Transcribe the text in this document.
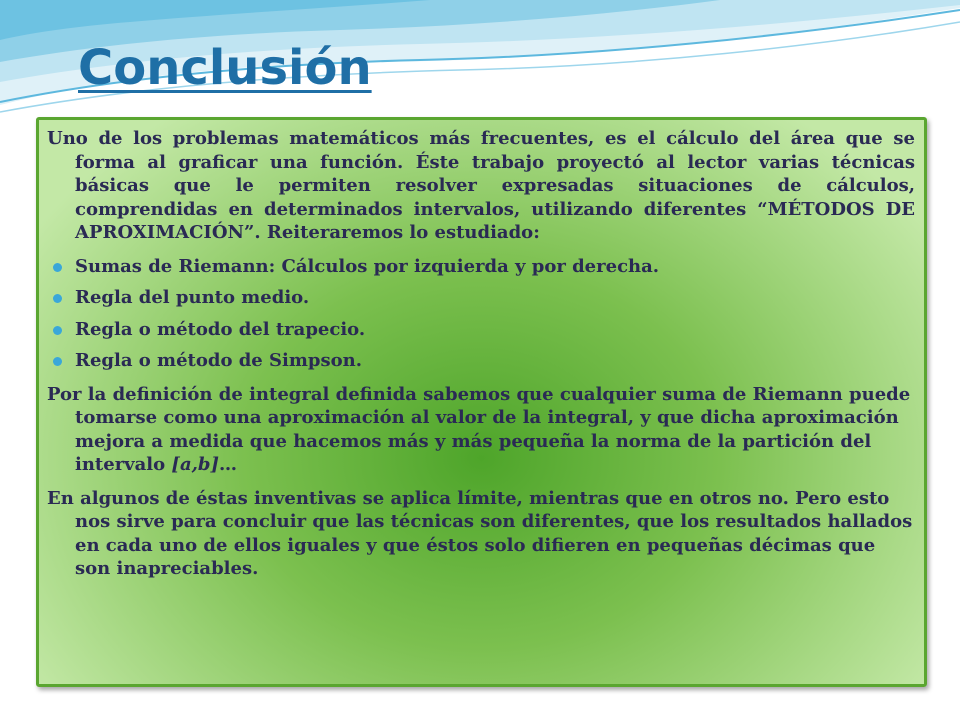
Conclusión

Uno de los problemas matemáticos más frecuentes, es el cálculo del área que se forma al graficar una función. Éste trabajo proyectó al lector varias técnicas básicas que le permiten resolver expresadas situaciones de cálculos, comprendidas en determinados intervalos, utilizando diferentes “MÉTODOS DE APROXIMACIÓN”. Reiteraremos lo estudiado:

Sumas de Riemann: Cálculos por izquierda y por derecha.
Regla del punto medio.
Regla o método del trapecio.
Regla o método de Simpson.

Por la definición de integral definida sabemos que cualquier suma de Riemann puede tomarse como una aproximación al valor de la integral, y que dicha aproximación mejora a medida que hacemos más y más pequeña la norma de la partición del intervalo [a,b]…

En algunos de éstas inventivas se aplica límite, mientras que en otros no. Pero esto nos sirve para concluir que las técnicas son diferentes, que los resultados hallados en cada uno de ellos iguales y que éstos solo difieren en pequeñas décimas que son inapreciables.
